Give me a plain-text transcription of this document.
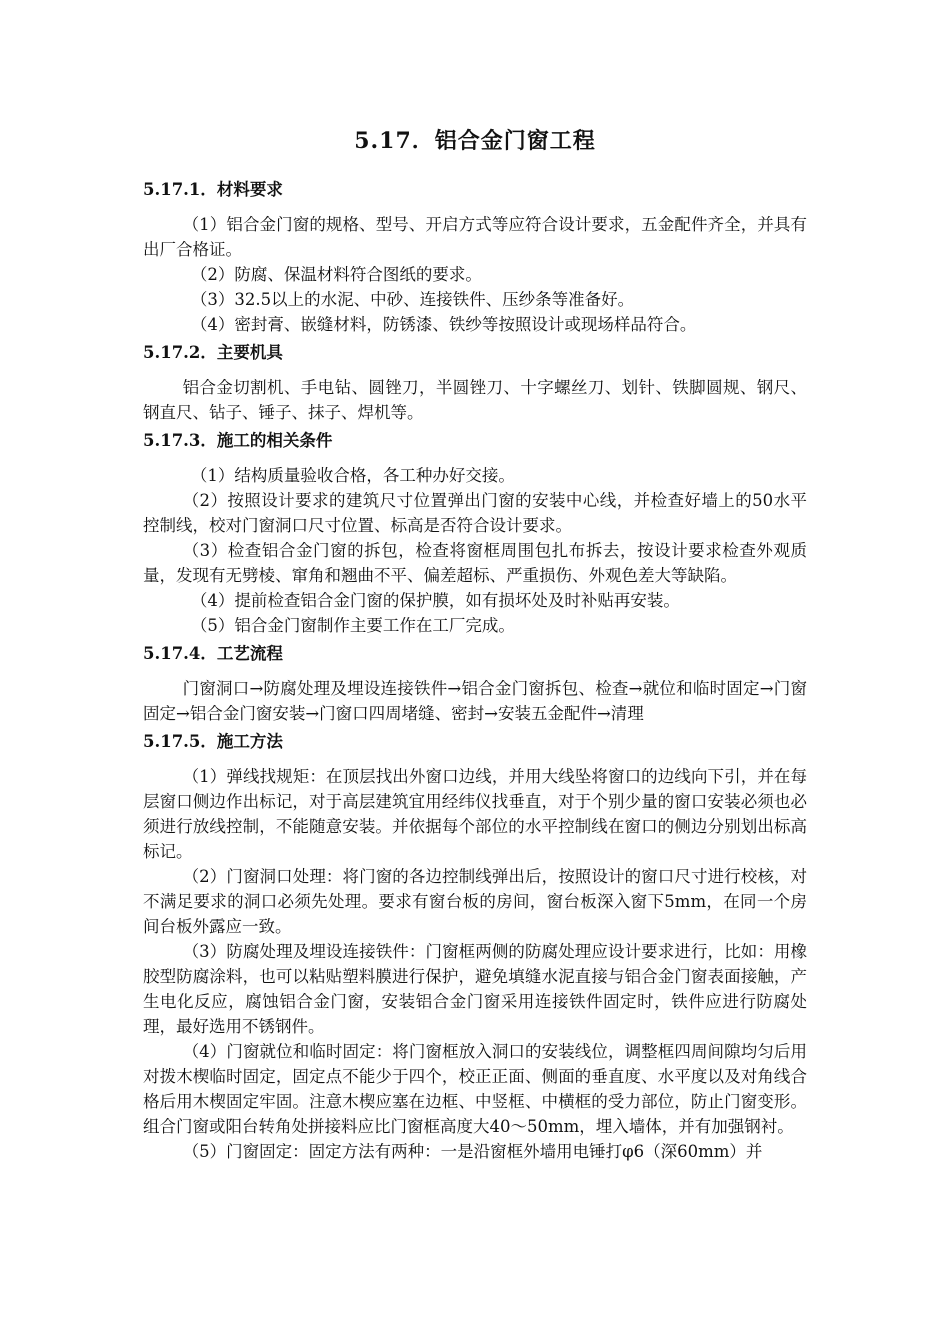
5.17．铝合金门窗工程
5.17.1．材料要求
（1）铝合金门窗的规格、型号、开启方式等应符合设计要求，五金配件齐全，并具有出厂合格证。
（2）防腐、保温材料符合图纸的要求。
（3）32.5以上的水泥、中砂、连接铁件、压纱条等准备好。
（4）密封膏、嵌缝材料，防锈漆、铁纱等按照设计或现场样品符合。
5.17.2．主要机具
铝合金切割机、手电钻、圆锉刀，半圆锉刀、十字螺丝刀、划针、铁脚圆规、钢尺、钢直尺、钻子、锤子、抹子、焊机等。
5.17.3．施工的相关条件
（1）结构质量验收合格，各工种办好交接。
（2）按照设计要求的建筑尺寸位置弹出门窗的安装中心线，并检查好墙上的50水平控制线，校对门窗洞口尺寸位置、标高是否符合设计要求。
（3）检查铝合金门窗的拆包，检查将窗框周围包扎布拆去，按设计要求检查外观质量，发现有无劈棱、窜角和翘曲不平、偏差超标、严重损伤、外观色差大等缺陷。
（4）提前检查铝合金门窗的保护膜，如有损坏处及时补贴再安装。
（5）铝合金门窗制作主要工作在工厂完成。
5.17.4．工艺流程
门窗洞口→防腐处理及埋设连接铁件→铝合金门窗拆包、检查→就位和临时固定→门窗固定→铝合金门窗安装→门窗口四周堵缝、密封→安装五金配件→清理
5.17.5．施工方法
（1）弹线找规矩：在顶层找出外窗口边线，并用大线坠将窗口的边线向下引，并在每层窗口侧边作出标记，对于高层建筑宜用经纬仪找垂直，对于个别少量的窗口安装必须也必须进行放线控制，不能随意安装。并依据每个部位的水平控制线在窗口的侧边分别划出标高标记。
（2）门窗洞口处理：将门窗的各边控制线弹出后，按照设计的窗口尺寸进行校核，对不满足要求的洞口必须先处理。要求有窗台板的房间，窗台板深入窗下5mm，在同一个房间台板外露应一致。
（3）防腐处理及埋设连接铁件：门窗框两侧的防腐处理应设计要求进行，比如：用橡胶型防腐涂料，也可以粘贴塑料膜进行保护，避免填缝水泥直接与铝合金门窗表面接触，产生电化反应，腐蚀铝合金门窗，安装铝合金门窗采用连接铁件固定时，铁件应进行防腐处理，最好选用不锈钢件。
（4）门窗就位和临时固定：将门窗框放入洞口的安装线位，调整框四周间隙均匀后用对拨木楔临时固定，固定点不能少于四个，校正正面、侧面的垂直度、水平度以及对角线合格后用木楔固定牢固。注意木楔应塞在边框、中竖框、中横框的受力部位，防止门窗变形。组合门窗或阳台转角处拼接料应比门窗框高度大40～50mm，埋入墙体，并有加强钢衬。
（5）门窗固定：固定方法有两种：一是沿窗框外墙用电锤打φ6（深60mm）并
